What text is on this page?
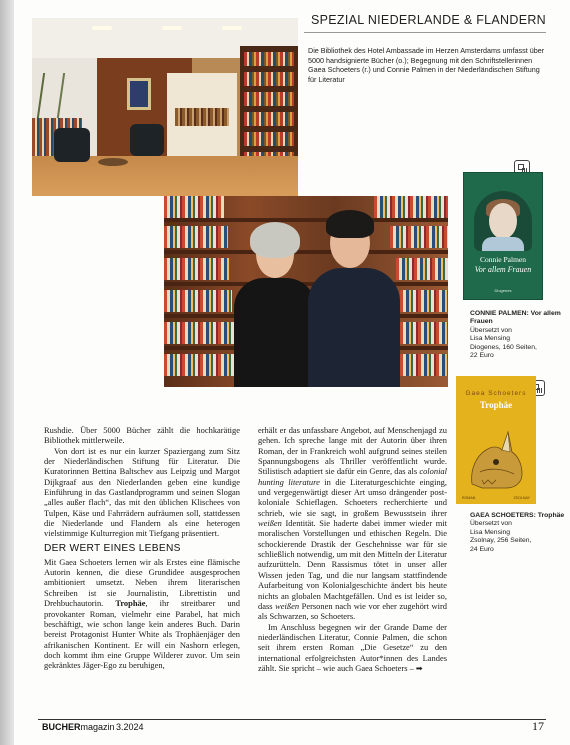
SPEZIAL NIEDERLANDE & FLANDERN
Die Bibliothek des Hotel Ambassade im Herzen Amsterdams umfasst über 5000 handsignierte Bücher (o.); Begegnung mit den Schriftstellerinnen Gaea Schoeters (r.) und Connie Palmen in der Niederländischen Stiftung für Literatur
Connie Palmen
Vor allem Frauen
Diogenes
CONNIE PALMEN: Vor allem Frauen
Übersetzt von
Lisa Mensing
Diogenes, 160 Seiten,
22 Euro
Gaea Schoeters
Trophäe
ROMAN	ZSOLNAY
GAEA SCHOETERS: Trophäe
Übersetzt von
Lisa Mensing
Zsolnay, 256 Seiten,
24 Euro

Rushdie. Über 5000 Bücher zählt die hochkarätige Bibliothek mittlerweile.

Von dort ist es nur ein kurzer Spaziergang zum Sitz der Niederländischen Stiftung für Literatur. Die Kuratorinnen Bettina Baltschev aus Leipzig und Margot Dijkgraaf aus den Niederlanden geben eine kundige Einführung in das Gastlandprogramm und seinen Slogan „alles außer flach“, das mit den üblichen Klischees von Tulpen, Käse und Fahrrädern aufräumen soll, stattdessen die Niederlande und Flandern als eine heterogen vielstimmige Kulturregion mit Tiefgang präsentiert.

DER WERT EINES LEBENS

Mit Gaea Schoeters lernen wir als Erstes eine flämische Autorin kennen, die diese Grundidee ausgesprochen ambitioniert umsetzt. Neben ihrem literarischen Schreiben ist sie Journalistin, Librettistin und Drehbuchautorin. Trophäe, ihr streitbarer und provokanter Roman, vielmehr eine Parabel, hat mich beschäftigt, wie schon lange kein anderes Buch. Darin bereist Protagonist Hunter White als Trophäenjäger den afrikanischen Kontinent. Er will ein Nashorn erlegen, doch kommt ihm eine Gruppe Wilderer zuvor. Um sein gekränktes Jäger-Ego zu beruhigen,

erhält er das unfassbare Angebot, auf Menschenjagd zu gehen. Ich spreche lange mit der Autorin über ihren Roman, der in Frankreich wohl aufgrund seines steilen Spannungsbogens als Thriller veröffentlicht wurde. Stilistisch adaptiert sie dafür ein Genre, das als colonial hunting literature in die Literaturgeschichte einging, und vergegenwärtigt dieser Art umso drängender post-koloniale Schieflagen. Schoeters recherchierte und schrieb, wie sie sagt, in großem Bewusstsein ihrer weißen Identität. Sie haderte dabei immer wieder mit moralischen Vorstellungen und ethischen Regeln. Die schockierende Drastik der Geschehnisse war für sie schließlich notwendig, um mit den Mitteln der Literatur aufzurütteln. Denn Rassismus tötet in unser aller Wissen jeden Tag, und die nur langsam stattfindende Aufarbeitung von Kolonialgeschichte ändert bis heute nichts an globalen Machtgefällen. Und es ist leider so, dass weißen Personen nach wie vor eher zugehört wird als Schwarzen, so Schoeters.

Im Anschluss begegnen wir der Grande Dame der niederländischen Literatur, Connie Palmen, die schon seit ihrem ersten Roman „Die Gesetze“ zu den international erfolgreichsten Autor*innen des Landes zählt. Sie spricht – wie auch Gaea Schoeters – ➡

BUCHERmagazin 3.2024	17
